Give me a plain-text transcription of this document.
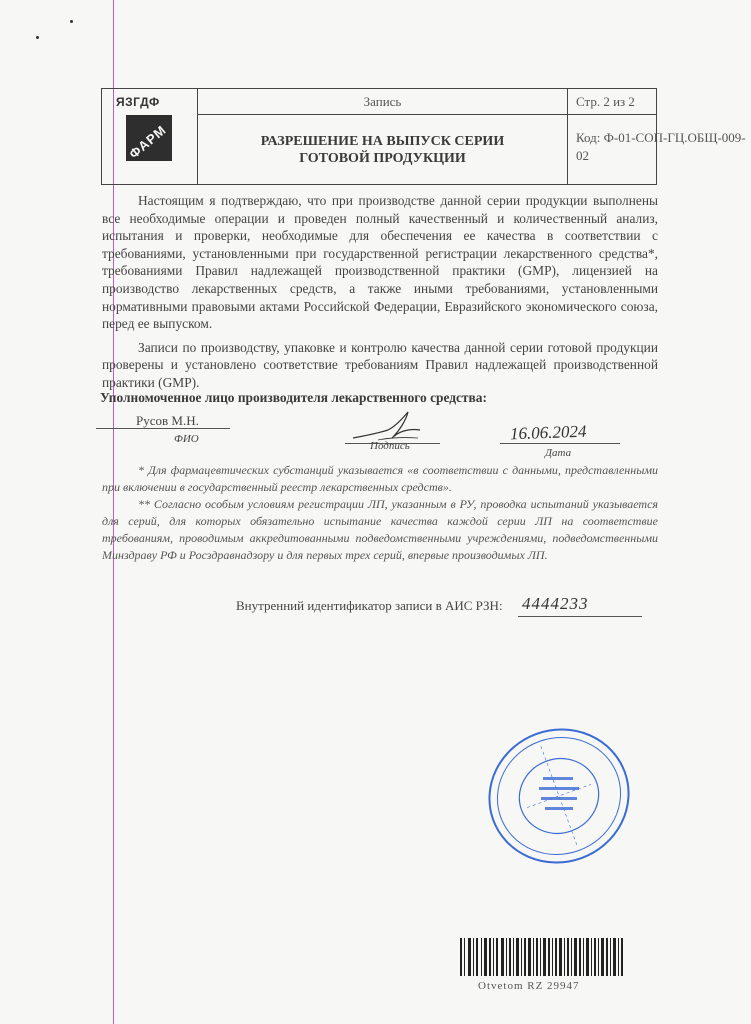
ЯЗГДФ
ФАРМ
Запись
РАЗРЕШЕНИЕ НА ВЫПУСК СЕРИИ
ГОТОВОЙ ПРОДУКЦИИ
Стр. 2 из 2
Код: Ф-01-СОП-ГЦ.ОБЩ-009-02

Настоящим я подтверждаю, что при производстве данной серии продукции выполнены все необходимые операции и проведен полный качественный и количественный анализ, испытания и проверки, необходимые для обеспечения ее качества в соответствии с требованиями, установленными при государственной регистрации лекарственного средства*, требованиями Правил надлежащей производственной практики (GMP), лицензией на производство лекарственных средств, а также иными требованиями, установленными нормативными правовыми актами Российской Федерации, Евразийского экономического союза, перед ее выпуском.

Записи по производству, упаковке и контролю качества данной серии готовой продукции проверены и установлено соответствие требованиям Правил надлежащей производственной практики (GMP).

Уполномоченное лицо производителя лекарственного средства:
Русов М.Н.
ФИО
Подпись
16.06.2024
Дата

* Для фармацевтических субстанций указывается «в соответствии с данными, представленными при включении в государственный реестр лекарственных средств».

** Согласно особым условиям регистрации ЛП, указанным в РУ, проводка испытаний указывается для серий, для которых обязательно испытание качества каждой серии ЛП на соответствие требованиям, проводимым аккредитованными подведомственными учреждениями, подведомственными Минздраву РФ и Росздравнадзору и для первых трех серий, впервые производимых ЛП.

Внутренний идентификатор записи в АИС РЗН: 4444233
Otvetom RZ 29947
